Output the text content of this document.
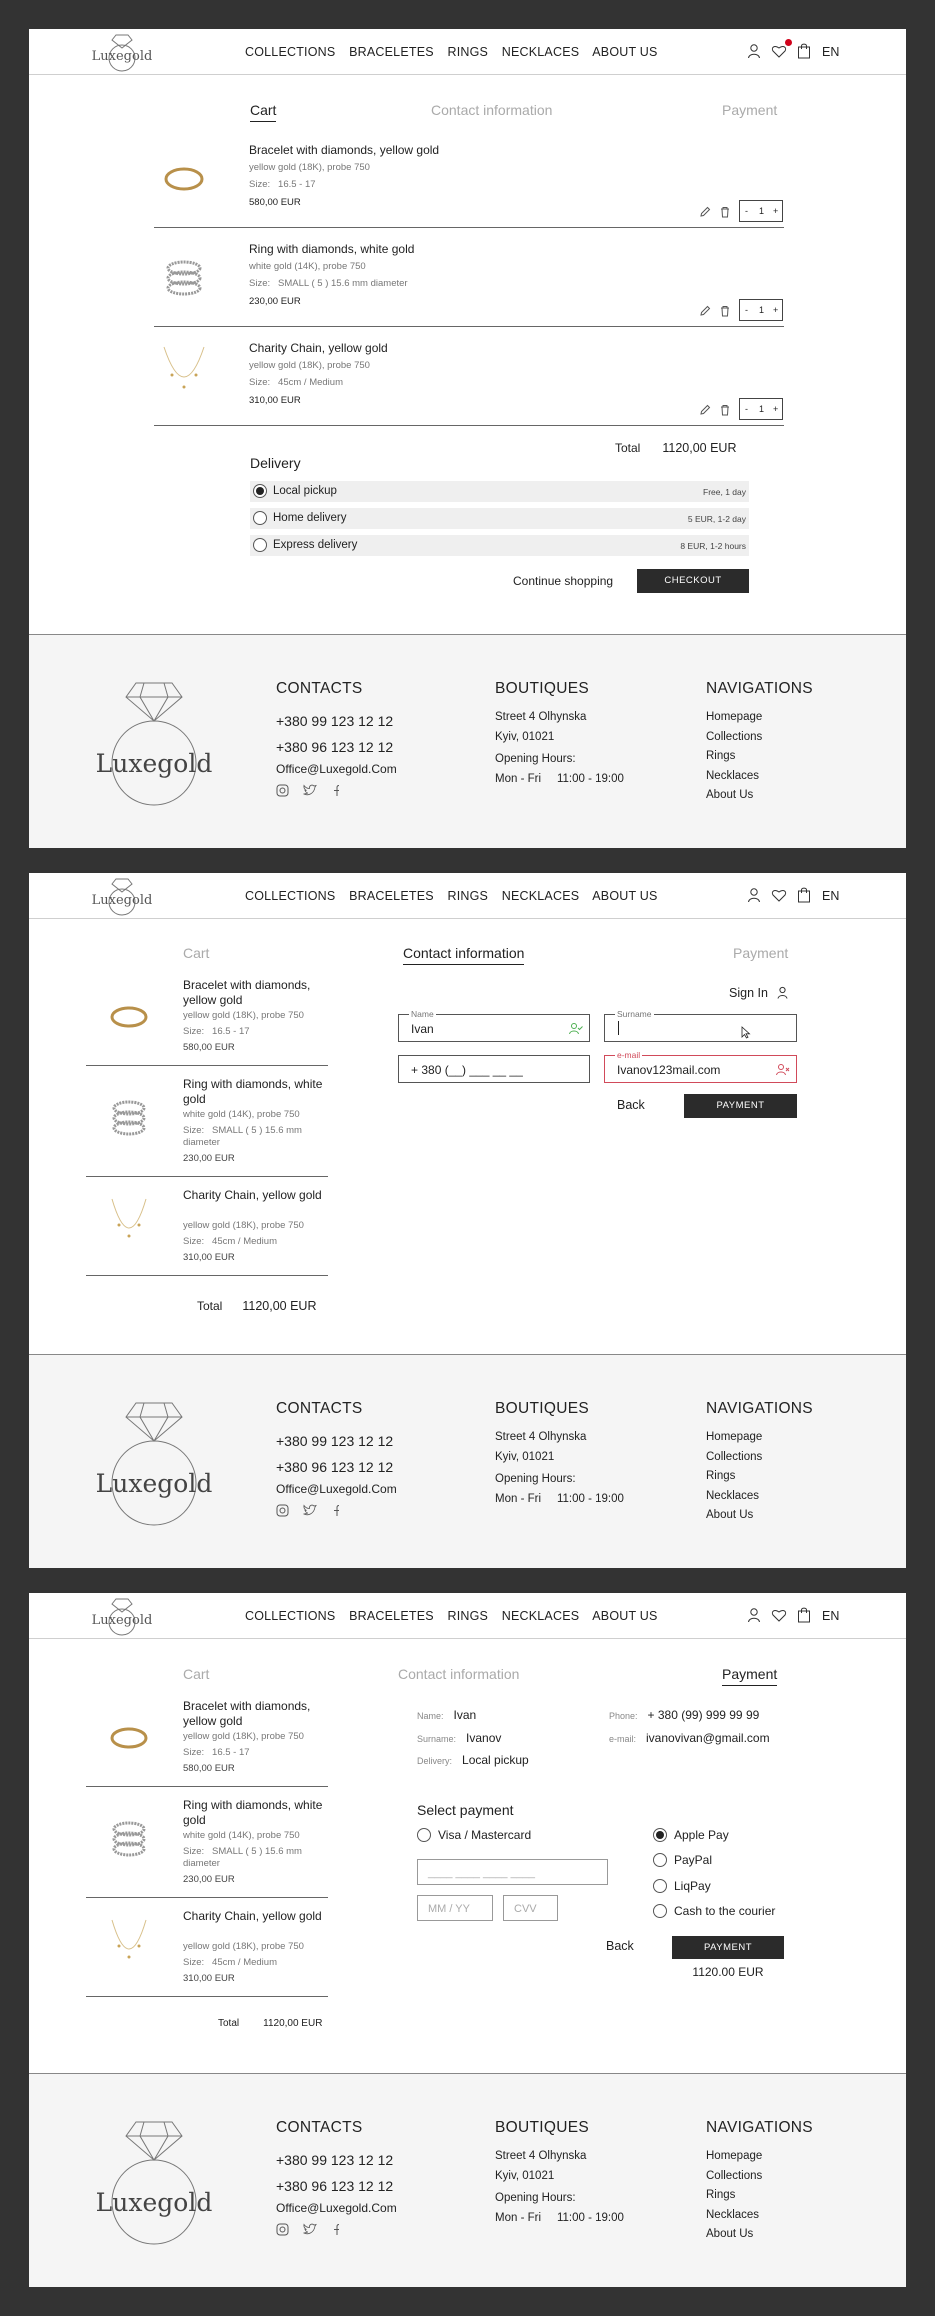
Luxegold	COLLECTIONS BRACELETES RINGS NECKLACES ABOUT US	EN
Cart	Contact information	Payment
Bracelet with diamonds, yellow gold
yellow gold (18K), probe 750
Size: 16.5 - 17
580,00 EUR
- 1 +
Ring with diamonds, white gold
white gold (14K), probe 750
Size: SMALL ( 5 ) 15.6 mm diameter
230,00 EUR
- 1 +
Charity Chain, yellow gold
yellow gold (18K), probe 750
Size: 45cm / Medium
310,00 EUR
- 1 +
Total 1120,00 EUR
Delivery
Local pickup	Free, 1 day
Home delivery	5 EUR, 1-2 day
Express delivery	8 EUR, 1-2 hours
Continue shopping	CHECKOUT
Luxegold
CONTACTS
+380 99 123 12 12
+380 96 123 12 12
Office@Luxegold.Com
BOUTIQUES
Street 4 Olhynska
Kyiv, 01021
Opening Hours:
Mon - Fri     11:00 - 19:00
NAVIGATIONS
Homepage
Collections
Rings
Necklaces
About Us
Luxegold	COLLECTIONS BRACELETES RINGS NECKLACES ABOUT US	EN
Cart	Contact information	Payment
Bracelet with diamonds, yellow gold
yellow gold (18K), probe 750
Size: 16.5 - 17
580,00 EUR
Ring with diamonds, white gold
white gold (14K), probe 750
Size: SMALL ( 5 ) 15.6 mm diameter
230,00 EUR
Charity Chain, yellow gold
yellow gold (18K), probe 750
Size: 45cm / Medium
310,00 EUR
Total 1120,00 EUR
Sign In
Name
Ivan
Surname
+ 380 (__) ___ __ __
e-mail
Ivanov123mail.com
Back	PAYMENT
Luxegold
CONTACTS
+380 99 123 12 12
+380 96 123 12 12
Office@Luxegold.Com
BOUTIQUES
Street 4 Olhynska
Kyiv, 01021
Opening Hours:
Mon - Fri     11:00 - 19:00
NAVIGATIONS
Homepage
Collections
Rings
Necklaces
About Us
Luxegold	COLLECTIONS BRACELETES RINGS NECKLACES ABOUT US	EN
Cart	Contact information	Payment
Bracelet with diamonds, yellow gold
yellow gold (18K), probe 750
Size: 16.5 - 17
580,00 EUR
Ring with diamonds, white gold
white gold (14K), probe 750
Size: SMALL ( 5 ) 15.6 mm diameter
230,00 EUR
Charity Chain, yellow gold
yellow gold (18K), probe 750
Size: 45cm / Medium
310,00 EUR
Total 1120,00 EUR
Name: Ivan
Surname: Ivanov
Delivery: Local pickup
Phone: + 380 (99) 999 99 99
e-mail: ivanovivan@gmail.com
Select payment
Visa / Mastercard
____ ____ ____ ____
MM / YY	CVV
Apple Pay
PayPal
LiqPay
Cash to the courier
Back	PAYMENT
1120.00 EUR
Luxegold
CONTACTS
+380 99 123 12 12
+380 96 123 12 12
Office@Luxegold.Com
BOUTIQUES
Street 4 Olhynska
Kyiv, 01021
Opening Hours:
Mon - Fri     11:00 - 19:00
NAVIGATIONS
Homepage
Collections
Rings
Necklaces
About Us
